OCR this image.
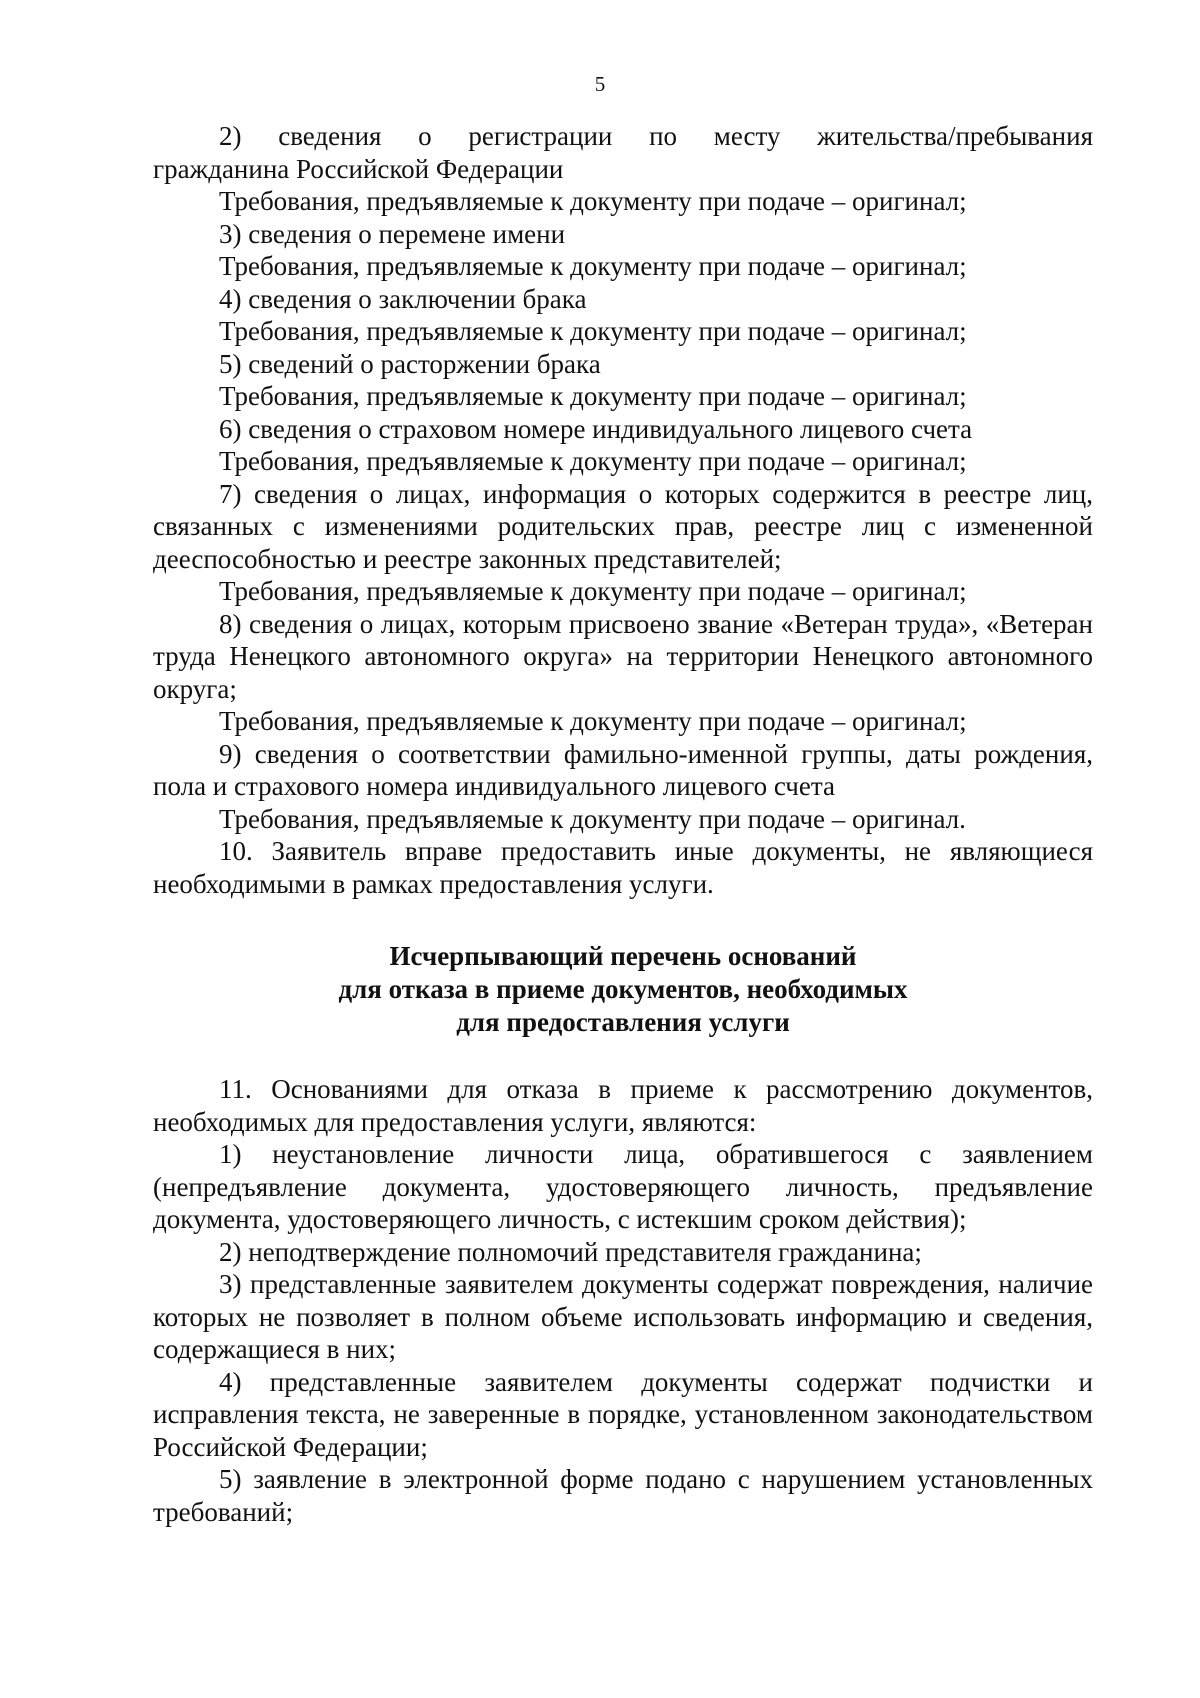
5

2) сведения о регистрации по месту жительства/пребывания

гражданина Российской Федерации

Требования, предъявляемые к документу при подаче – оригинал;

3) сведения о перемене имени

Требования, предъявляемые к документу при подаче – оригинал;

4) сведения о заключении брака

Требования, предъявляемые к документу при подаче – оригинал;

5) сведений о расторжении брака

Требования, предъявляемые к документу при подаче – оригинал;

6) сведения о страховом номере индивидуального лицевого счета

Требования, предъявляемые к документу при подаче – оригинал;

7) сведения о лицах, информация о которых содержится в реестре лиц, связанных с изменениями родительских прав, реестре лиц с измененной дееспособностью и реестре законных представителей;

Требования, предъявляемые к документу при подаче – оригинал;

8) сведения о лицах, которым присвоено звание «Ветеран труда», «Ветеран труда Ненецкого автономного округа» на территории Ненецкого автономного округа;

Требования, предъявляемые к документу при подаче – оригинал;

9) сведения о соответствии фамильно-именной группы, даты рождения, пола и страхового номера индивидуального лицевого счета

Требования, предъявляемые к документу при подаче – оригинал.

10. Заявитель вправе предоставить иные документы, не являющиеся необходимыми в рамках предоставления услуги.

Исчерпывающий перечень оснований

для отказа в приеме документов, необходимых

для предоставления услуги

11. Основаниями для отказа в приеме к рассмотрению документов, необходимых для предоставления услуги, являются:

1) неустановление личности лица, обратившегося с заявлением (непредъявление документа, удостоверяющего личность, предъявление документа, удостоверяющего личность, с истекшим сроком действия);

2) неподтверждение полномочий представителя гражданина;

3) представленные заявителем документы содержат повреждения, наличие которых не позволяет в полном объеме использовать информацию и сведения, содержащиеся в них;

4) представленные заявителем документы содержат подчистки и исправления текста, не заверенные в порядке, установленном законодательством Российской Федерации;

5) заявление в электронной форме подано с нарушением установленных требований;
